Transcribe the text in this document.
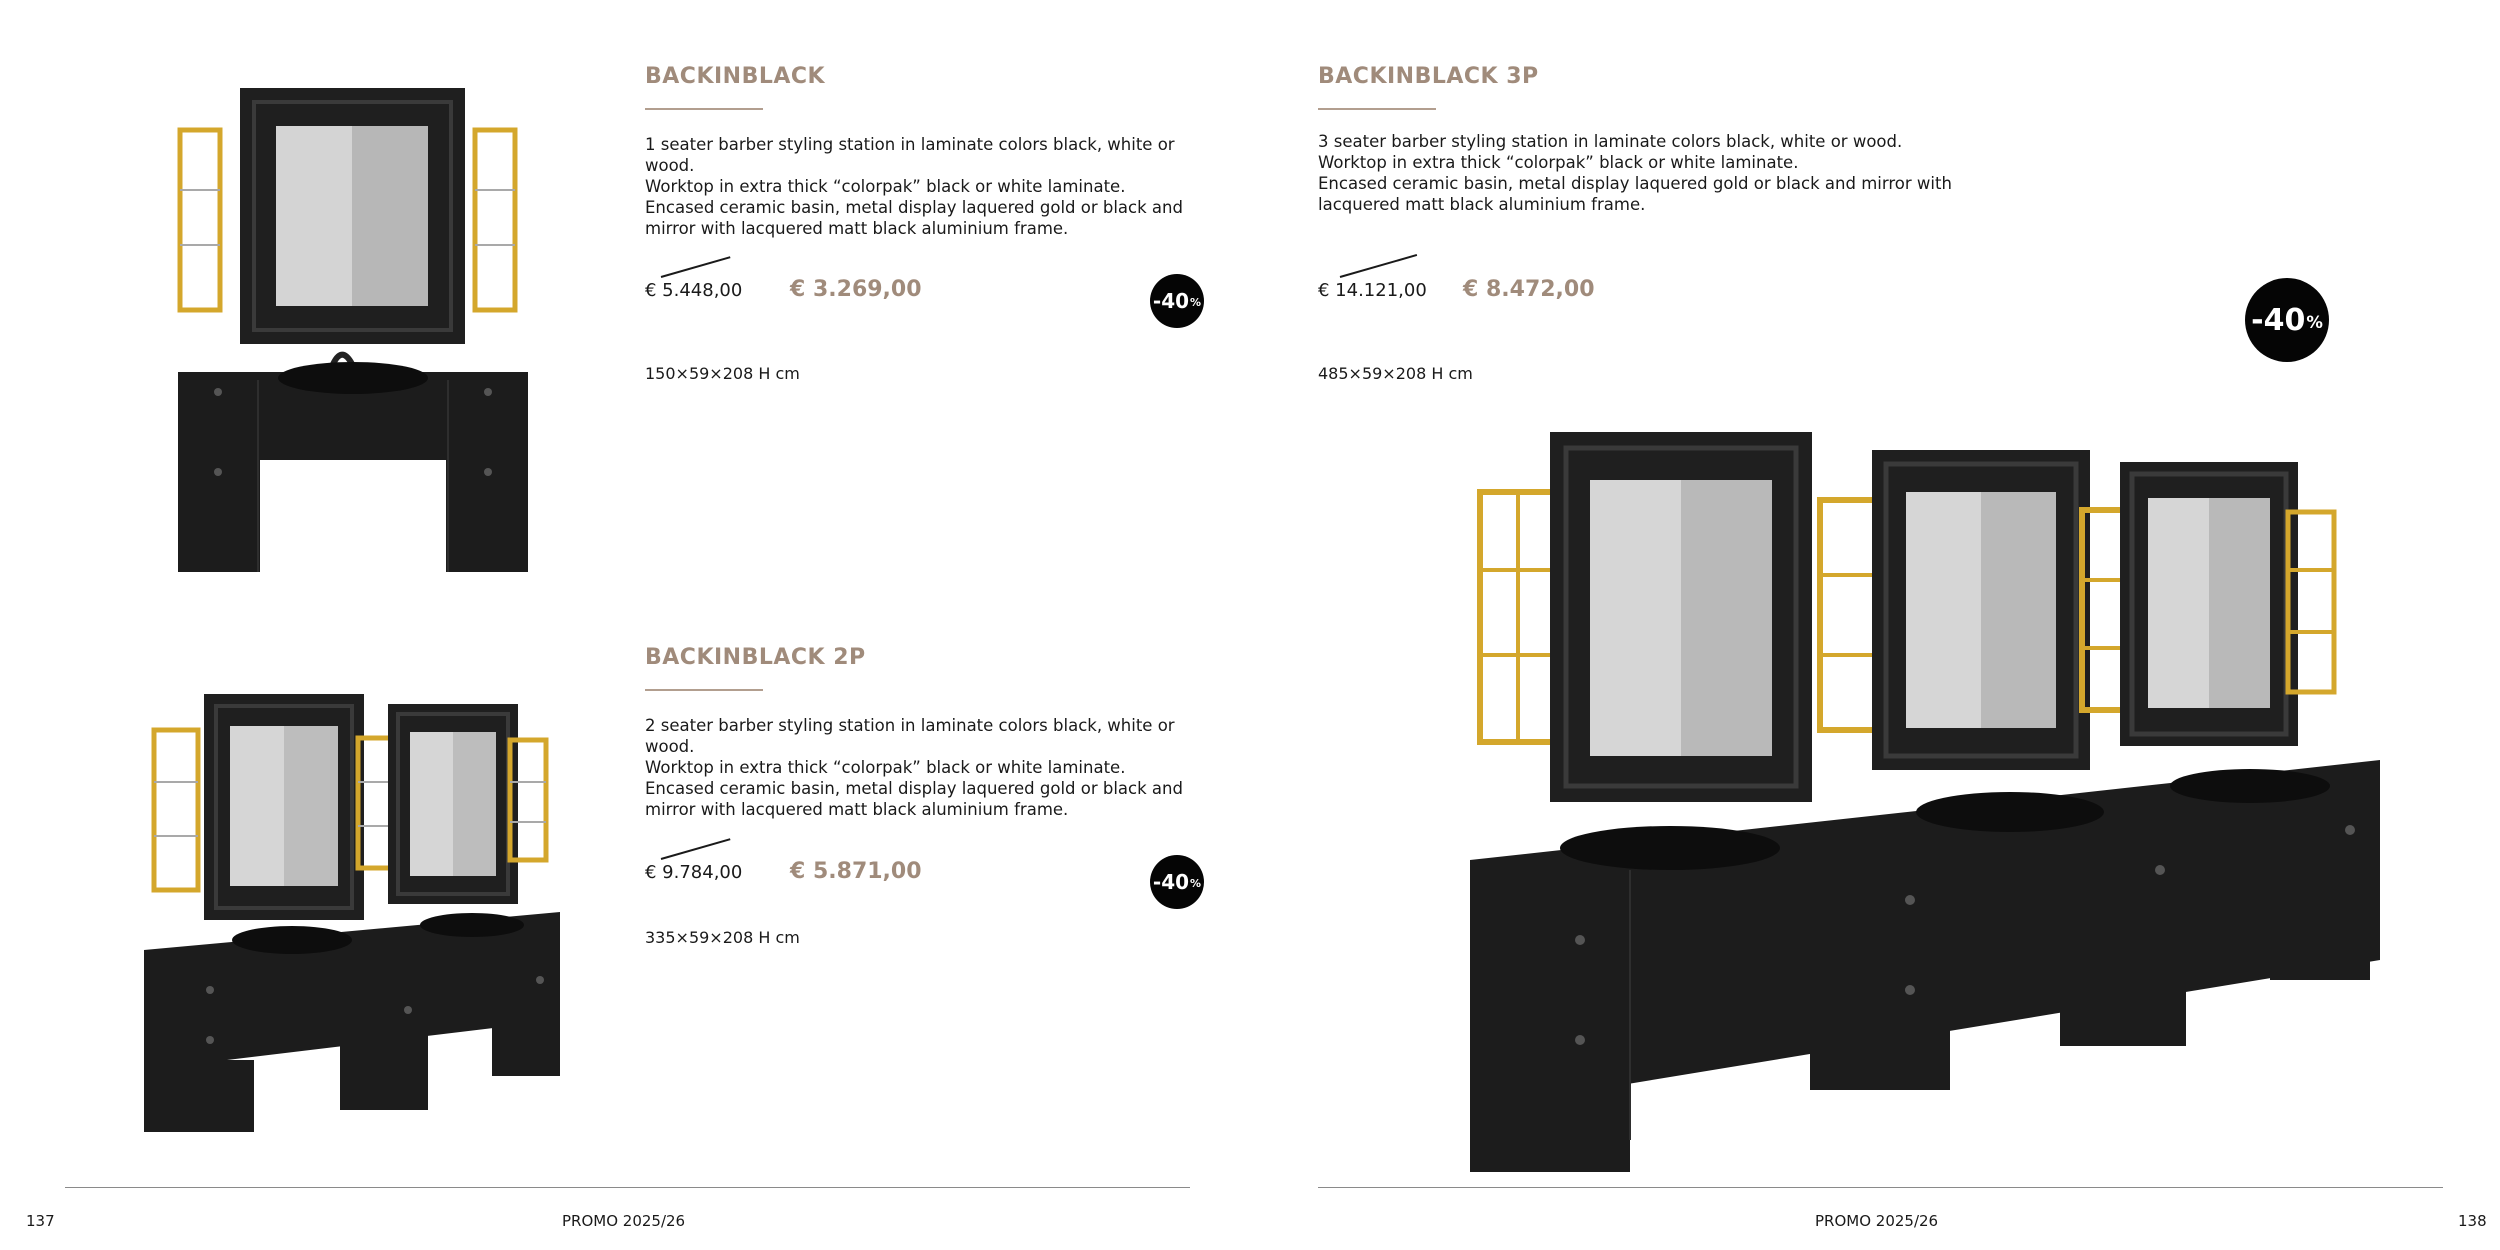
BACKINBLACK

1 seater barber styling station in laminate colors black, white or

wood.

Worktop in extra thick “colorpak” black or white laminate.

Encased ceramic basin, metal display laquered gold or black and

mirror with lacquered matt black aluminium frame.

€ 5.448,00 € 3.269,00	-40 %
150×59×208 H cm
BACKINBLACK 2P

2 seater barber styling station in laminate colors black, white or

wood.

Worktop in extra thick “colorpak” black or white laminate.

Encased ceramic basin, metal display laquered gold or black and

mirror with lacquered matt black aluminium frame.

€ 9.784,00 € 5.871,00	-40 %
335×59×208 H cm
BACKINBLACK 3P

3 seater barber styling station in laminate colors black, white or wood.

Worktop in extra thick “colorpak” black or white laminate.

Encased ceramic basin, metal display laquered gold or black and mirror with

lacquered matt black aluminium frame.

€ 14.121,00 € 8.472,00
-40 %
485×59×208 H cm
137	PROMO 2025/26	PROMO 2025/26	138
